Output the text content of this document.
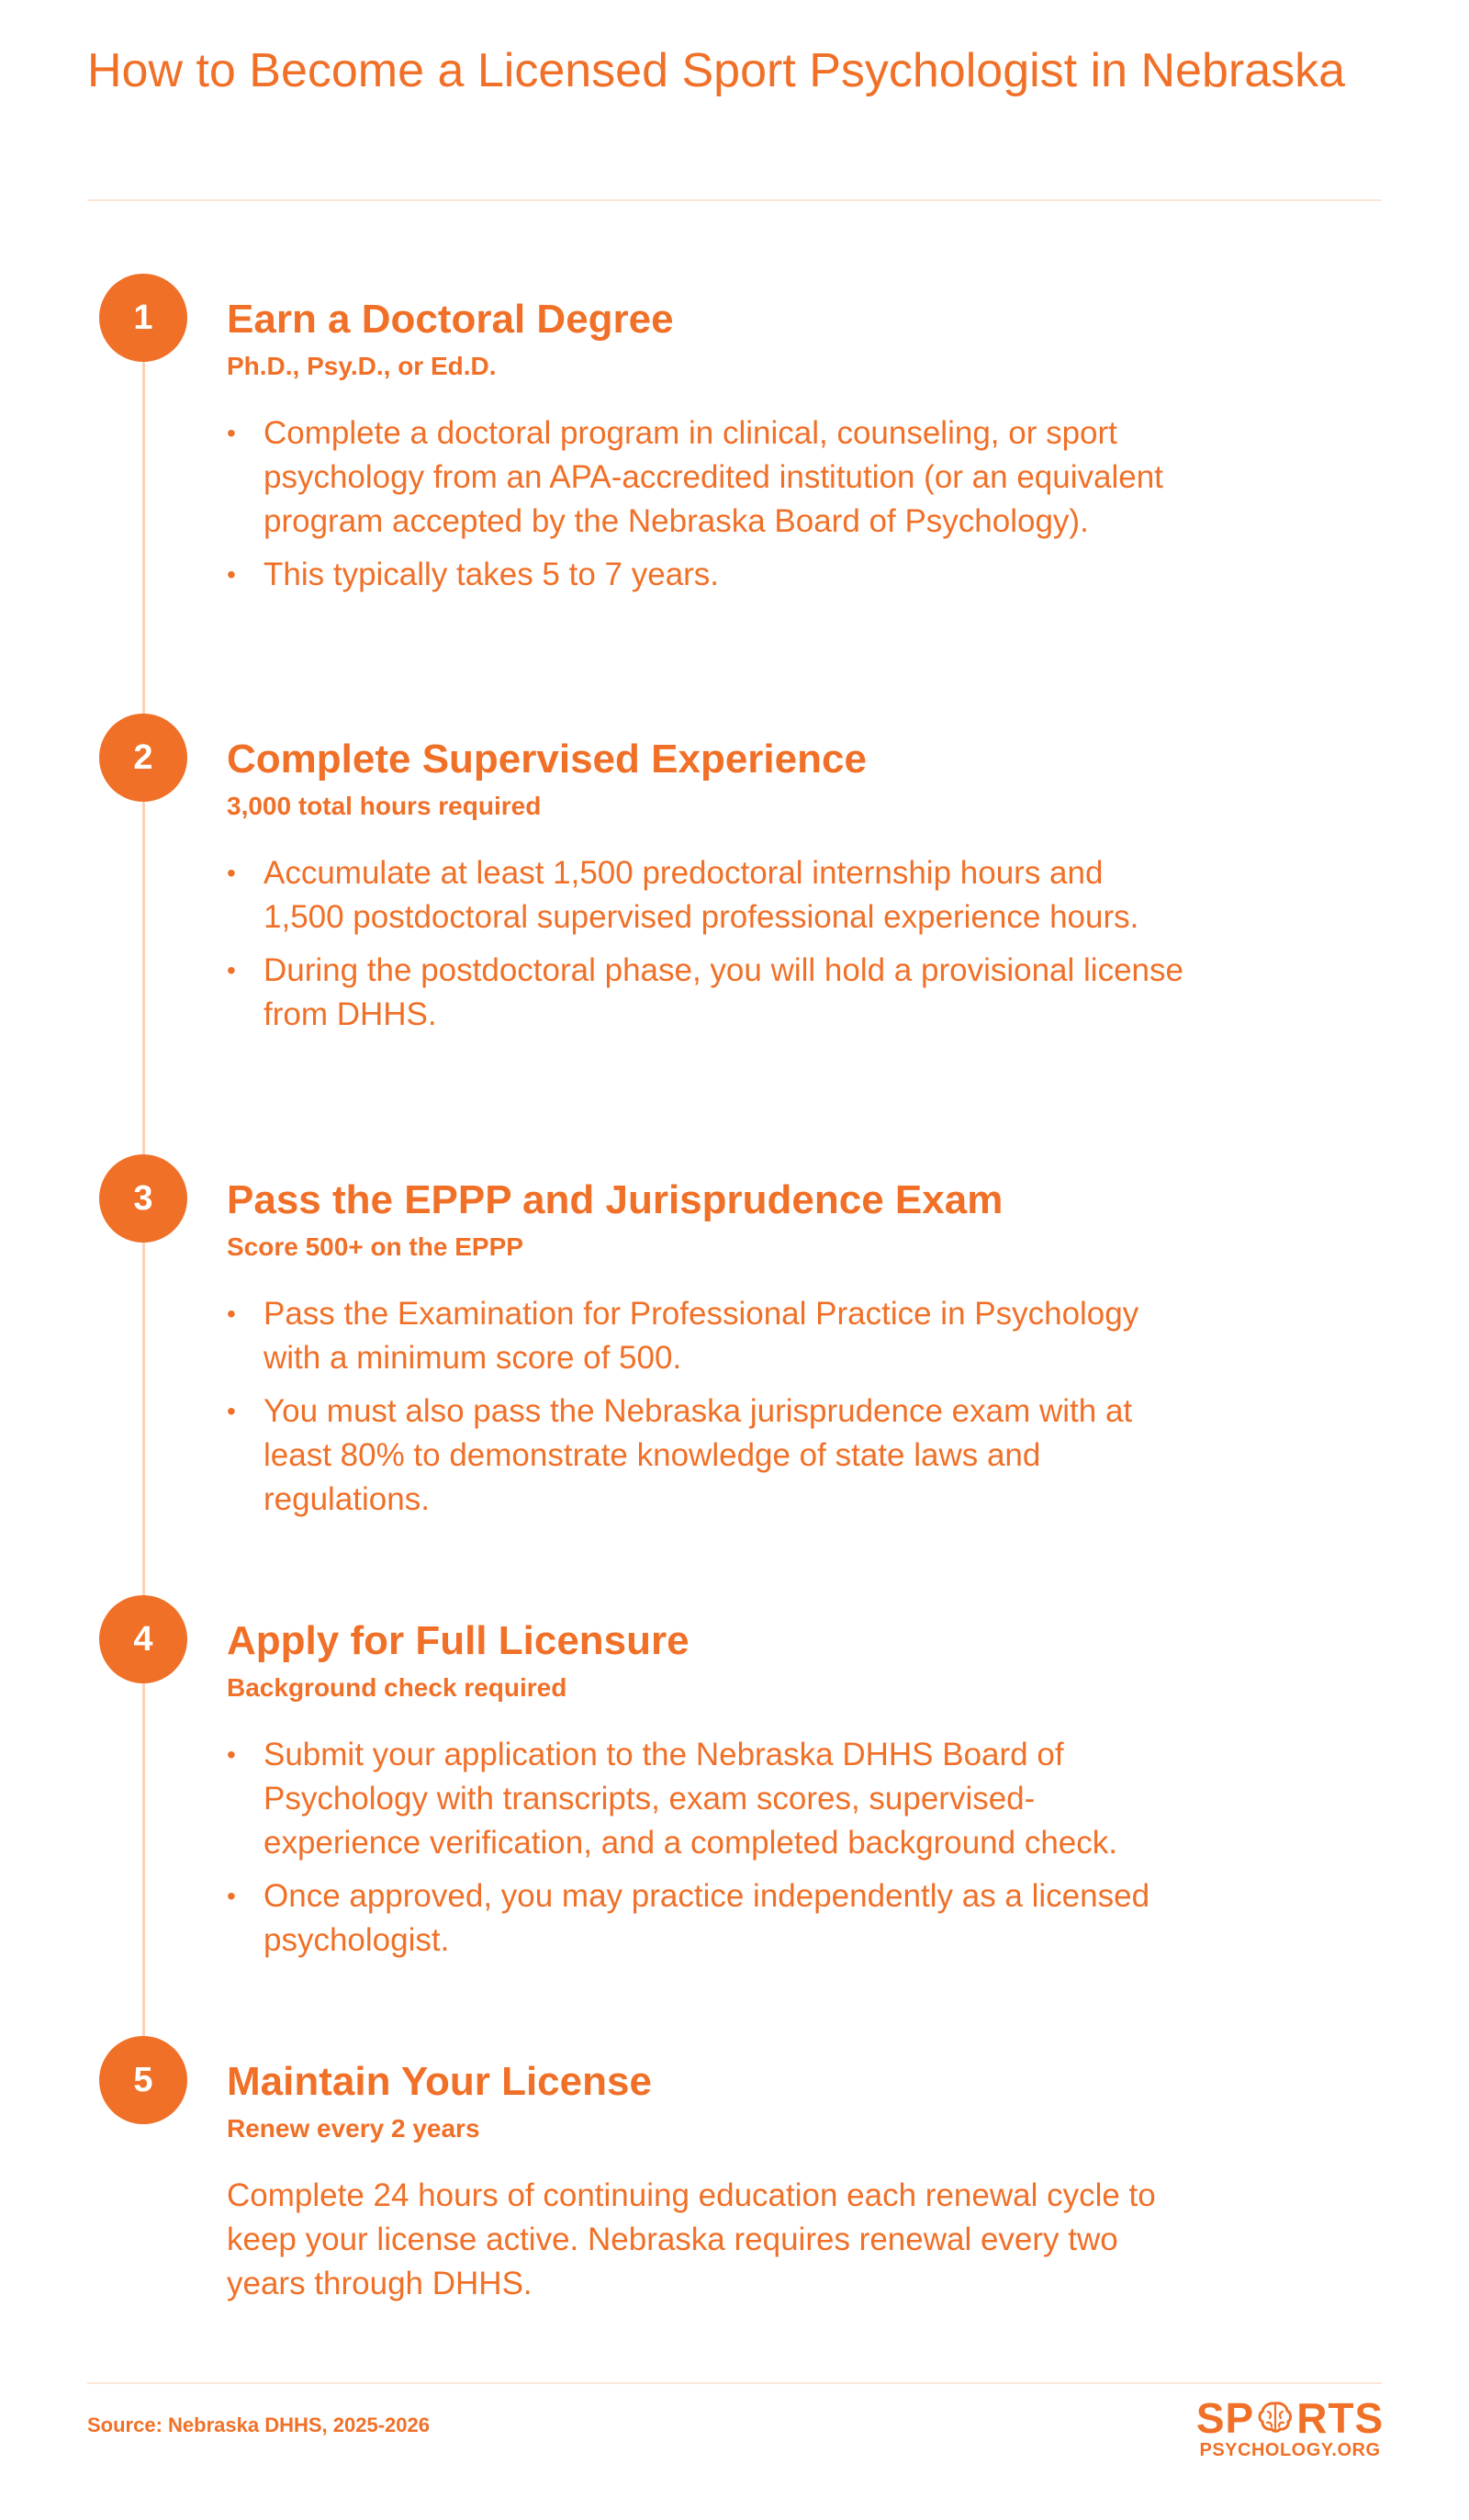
How to Become a Licensed Sport Psychologist in Nebraska
1	Earn a Doctoral Degree

Ph.D., Psy.D., or Ed.D.

• Complete a doctoral program in clinical, counseling, or sport psychology from an APA-accredited institution (or an equivalent program accepted by the Nebraska Board of Psychology).
• This typically takes 5 to 7 years.
2	Complete Supervised Experience

3,000 total hours required

• Accumulate at least 1,500 predoctoral internship hours and 1,500 postdoctoral supervised professional experience hours.
• During the postdoctoral phase, you will hold a provisional license from DHHS.
3	Pass the EPPP and Jurisprudence Exam

Score 500+ on the EPPP

• Pass the Examination for Professional Practice in Psychology with a minimum score of 500.
• You must also pass the Nebraska jurisprudence exam with at least 80% to demonstrate knowledge of state laws and regulations.
4	Apply for Full Licensure

Background check required

• Submit your application to the Nebraska DHHS Board of Psychology with transcripts, exam scores, supervised-experience verification, and a completed background check.
• Once approved, you may practice independently as a licensed psychologist.
5	Maintain Your License

Renew every 2 years

Complete 24 hours of continuing education each renewal cycle to keep your license active. Nebraska requires renewal every two years through DHHS.

Source: Nebraska DHHS, 2025-2026	SP RTS
PSYCHOLOGY.ORG
